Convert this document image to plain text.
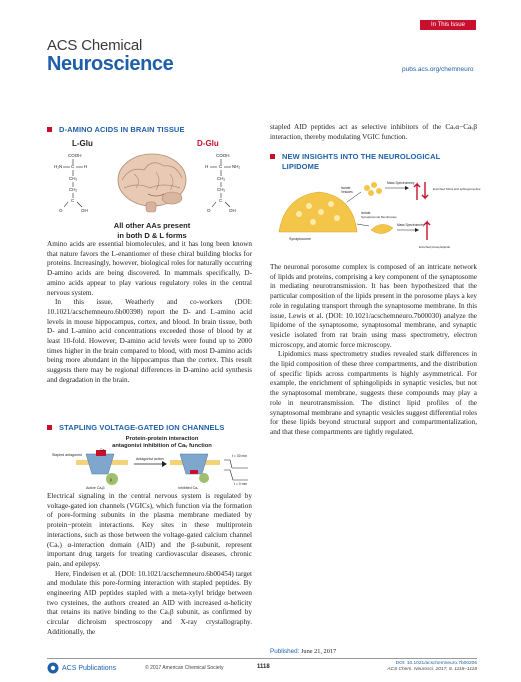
ACS Chemical
Neuroscience
In This Issue
pubs.acs.org/chemneuro
D-AMINO ACIDS IN BRAIN TISSUE
L-Glu
COOH
H₂N C H
CH₂
CH₂
C
O	OH
D-Glu
COOH
H C NH₂
CH₂
CH₂
C
O	OH
All other AAs present
in both D & L forms

Amino acids are essential biomolecules, and it has long been known that nature favors the L-enantiomer of these chiral building blocks for proteins. Increasingly, however, biological roles for naturally occurring D-amino acids are being discovered. In mammals specifically, D-amino acids appear to play various regulatory roles in the central nervous system.

In this issue, Weatherly and co-workers (DOI: 10.1021/acschemneuro.6b00398) report the D- and L-amino acid levels in mouse hippocampus, cortex, and blood. In brain tissue, both D- and L-amino acid concentrations exceeded those of blood by at least 10-fold. However, D-amino acid levels were found up to 2000 times higher in the brain compared to blood, with most D-amino acids being more abundant in the hippocampus than the cortex. This result suggests there may be regional differences in D-amino acid synthesis and degradation in the brain.

STAPLING VOLTAGE-GATED ION CHANNELS
Protein-protein interaction
antagonist inhibition of Caᵥ function
Stapled antagonist
Caᵥ
β
Antagonist action
t = 30 min
t = 0 min
Active Caᵥβ	Inhibited Caᵥ

Electrical signaling in the central nervous system is regulated by voltage-gated ion channels (VGICs), which function via the formation of pore-forming subunits in the plasma membrane mediated by protein−protein interactions. Key sites in these multiprotein interactions, such as those between the voltage-gated calcium channel (Caᵥ) α-interaction domain (AID) and the β-subunit, represent important drug targets for treating cardiovascular diseases, chronic pain, and epilepsy.

Here, Findeisen et al. (DOI: 10.1021/acschemneuro.6b00454) target and modulate this pore-forming interaction with stapled peptides. By engineering AID peptides stapled with a meta-xylyl bridge between two cysteines, the authors created an AID with increased α-helicity that retains its native binding to the Caᵥβ subunit, as confirmed by circular dichroism spectroscopy and X-ray crystallography. Additionally, the

stapled AID peptides act as selective inhibitors of the Caᵥα−Caᵥβ interaction, thereby modulating VGIC function.
NEW INSIGHTS INTO THE NEUROLOGICAL
LIPIDOME
Synaptosome
Isolate
Vesicles
Mass Spectrometry
Enriched TAGs and sphingomyeline
Isolate
Synaptosomal Membranes
Mass Spectrometry
Enriched phospholipids

The neuronal porosome complex is composed of an intricate network of lipids and proteins, comprising a key component of the synaptosome in mediating neurotransmission. It has been hypothesized that the particular composition of the lipids present in the porosome plays a key role in regulating transport through the synaptosome membrane. In this issue, Lewis et al. (DOI: 10.1021/acschemneuro.7b00030) analyze the lipidome of the synaptosome, synaptosomal membrane, and synaptic vesicle isolated from rat brain using mass spectrometry, electron microscopy, and atomic force microscopy.

Lipidomics mass spectrometry studies revealed stark differences in the lipid composition of these three compartments, and the distribution of specific lipids across compartments is highly asymmetrical. For example, the enrichment of sphingolipids in synaptic vesicles, but not the synaptosomal membrane, suggests these compounds may play a role in neurotransmission. The distinct lipid profiles of the synaptosomal membrane and synaptic vesicles suggest differential roles for these lipids beyond structural support and compartmentalization, and that these compartments are tightly regulated.

Published: June 21, 2017
ACS Publications	© 2017 American Chemical Society	1118
DOI: 10.1021/acschemneuro.7b00206
ACS Chem. Neurosci. 2017, 8, 1118−1118
